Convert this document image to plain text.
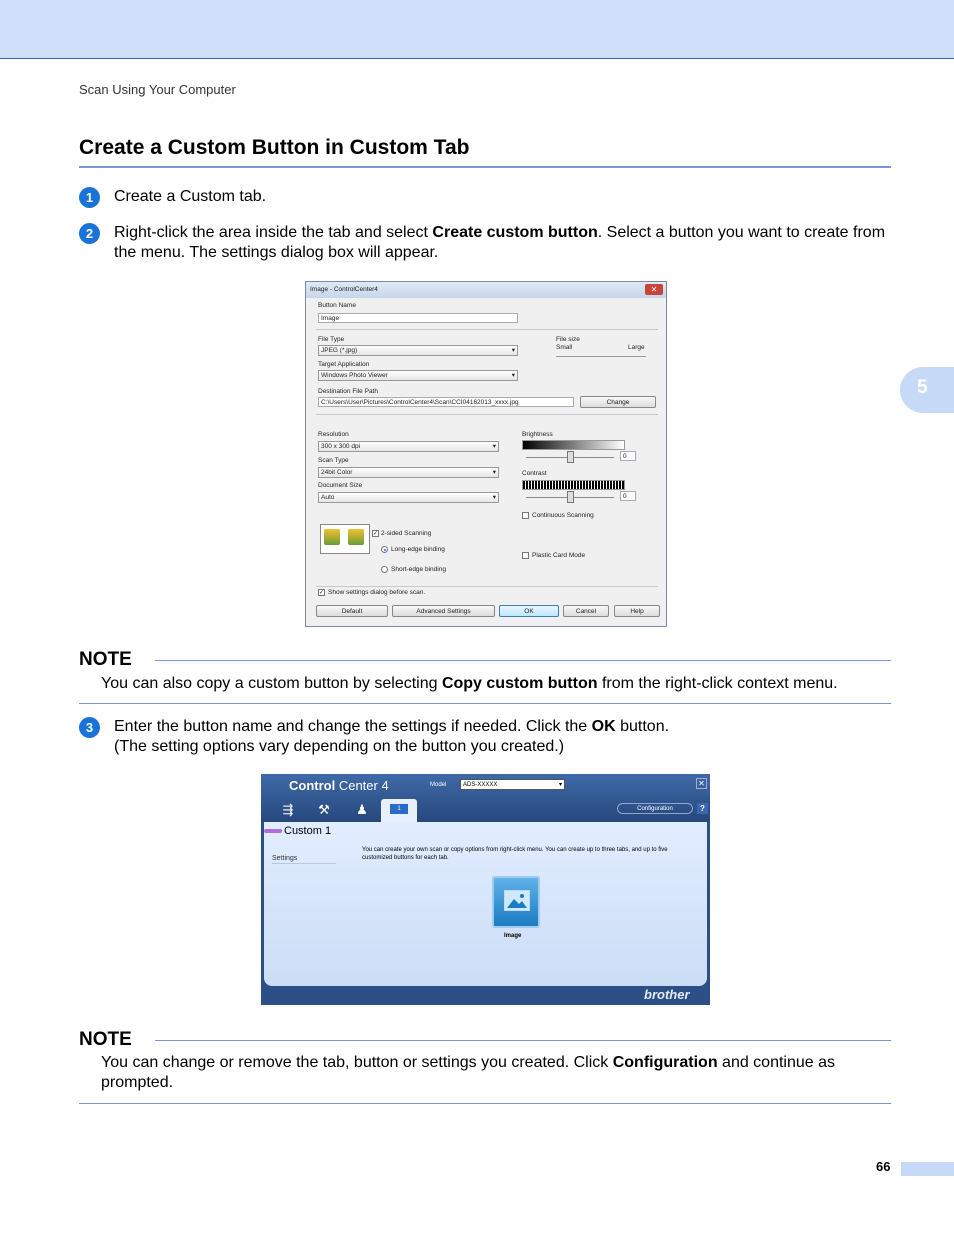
Scan Using Your Computer
5
Create a Custom Button in Custom Tab
1	Create a Custom tab.
2	Right-click the area inside the tab and select Create custom button. Select a button you want to create from the menu. The settings dialog box will appear.
Image - ControlCenter4	✕
Button Name
Image
File Type
JPEG (*.jpg) ▾
File size
Small	Large
Target Application
Windows Photo Viewer ▾
Destination File Path
C:\Users\User\Pictures\ControlCenter4\Scan\CCI04162013_xxxx.jpg	Change
Resolution
300 x 300 dpi ▾
Scan Type
24bit Color ▾
Document Size
Auto ▾
Brightness
0
Contrast
0
Continuous Scanning
✓ 2-sided Scanning
Long-edge binding
Short-edge binding
Plastic Card Mode
✓ Show settings dialog before scan.
Default	Advanced Settings	OK	Cancel	Help
NOTE
You can also copy a custom button by selecting Copy custom button from the right-click context menu.
3	Enter the button name and change the settings if needed. Click the OK button.
(The setting options vary depending on the button you created.)
Control Center 4	Model	ADS-XXXXX ▾	✕
⇶	⚒	♟	1	Configuration	?
Custom 1
Settings
You can create your own scan or copy options from right-click menu. You can create up to three tabs, and up to five customized buttons for each tab.
Image
brother
NOTE
You can change or remove the tab, button or settings you created. Click Configuration and continue as prompted.
66
